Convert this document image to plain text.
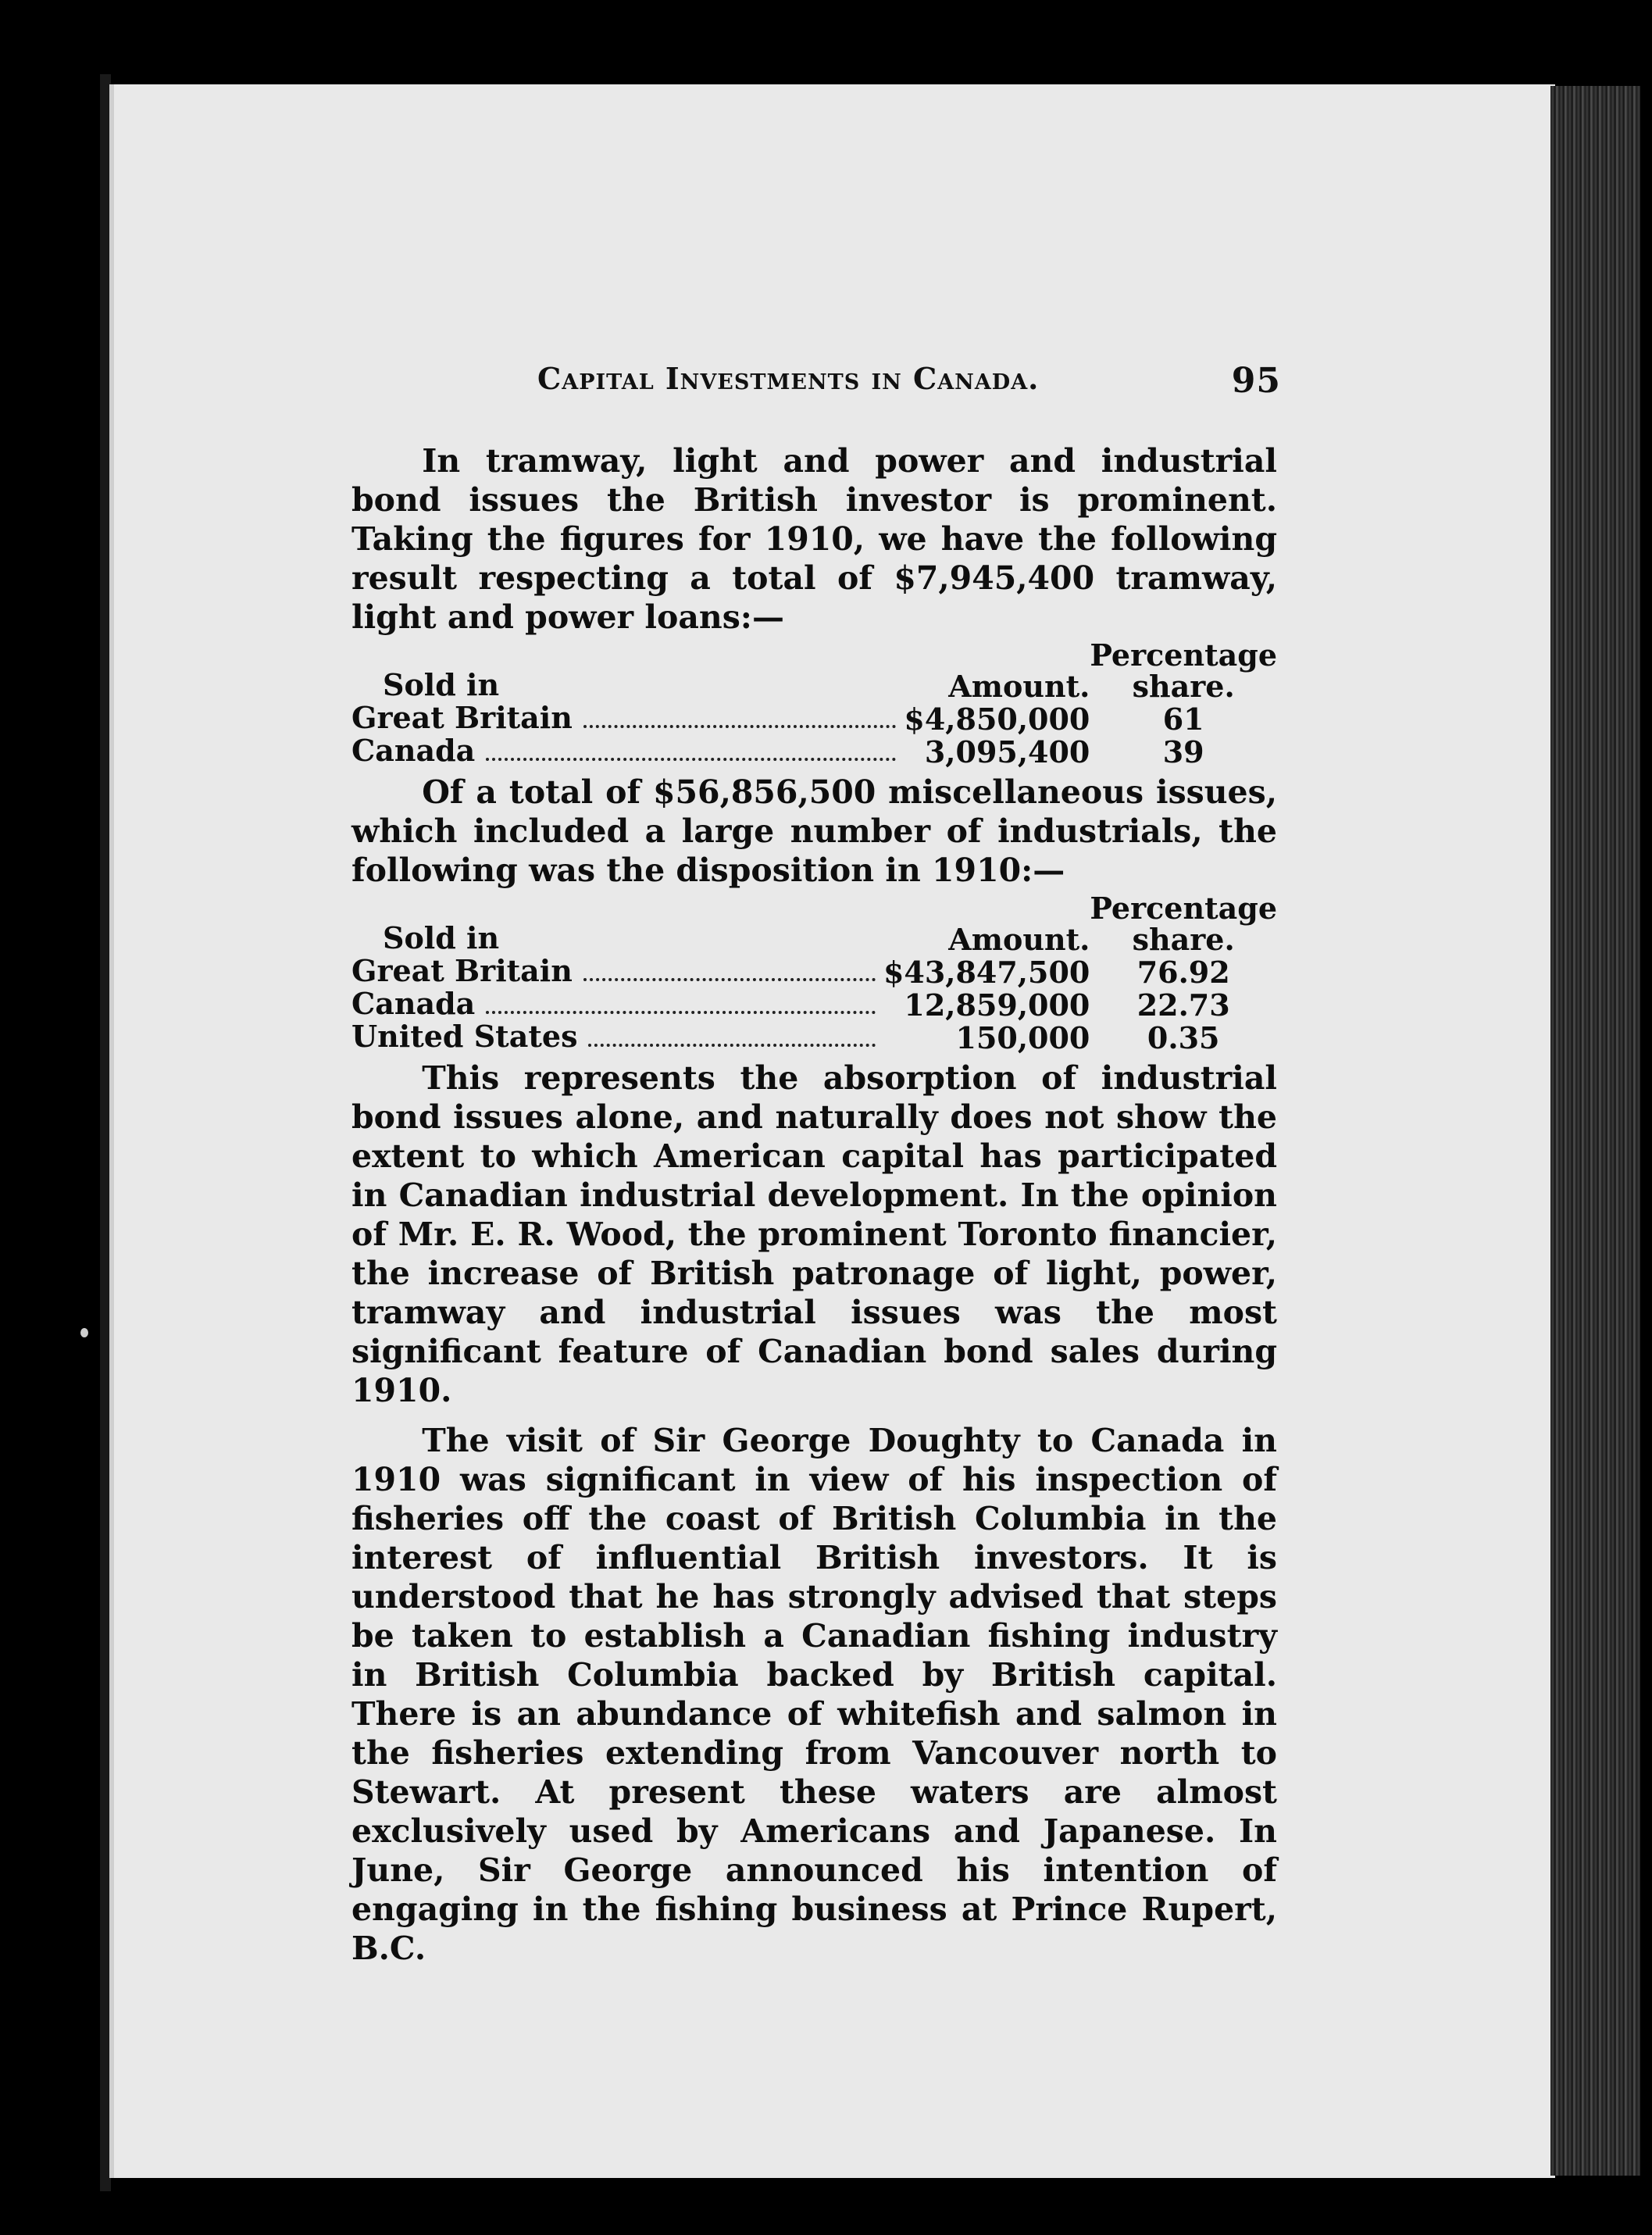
Capital Investments in Canada.	95

In tramway, light and power and industrial bond issues the British investor is prominent. Taking the figures for 1910, we have the following result respecting a total of $7,945,400 tramway, light and power loans:—

Sold in	Amount.	Percentage
share.

Great Britain	$4,850,000	61

Canada	3,095,400	39

Of a total of $56,856,500 miscellaneous issues, which included a large number of industrials, the following was the disposition in 1910:—

Sold in	Amount.	Percentage
share.

Great Britain	$43,847,500	76.92

Canada	12,859,000	22.73

United States	150,000	0.35

This represents the absorption of industrial bond issues alone, and naturally does not show the extent to which American capital has participated in Canadian industrial development. In the opinion of Mr. E. R. Wood, the prominent Toronto financier, the increase of British patronage of light, power, tramway and industrial issues was the most significant feature of Canadian bond sales during 1910.

The visit of Sir George Doughty to Canada in 1910 was significant in view of his inspection of fisheries off the coast of British Columbia in the interest of influential British investors. It is understood that he has strongly advised that steps be taken to establish a Canadian fishing industry in British Columbia backed by British capital. There is an abundance of whitefish and salmon in the fisheries extending from Vancouver north to Stewart. At present these waters are almost exclusively used by Americans and Japanese. In June, Sir George announced his intention of engaging in the fishing business at Prince Rupert, B.C.
